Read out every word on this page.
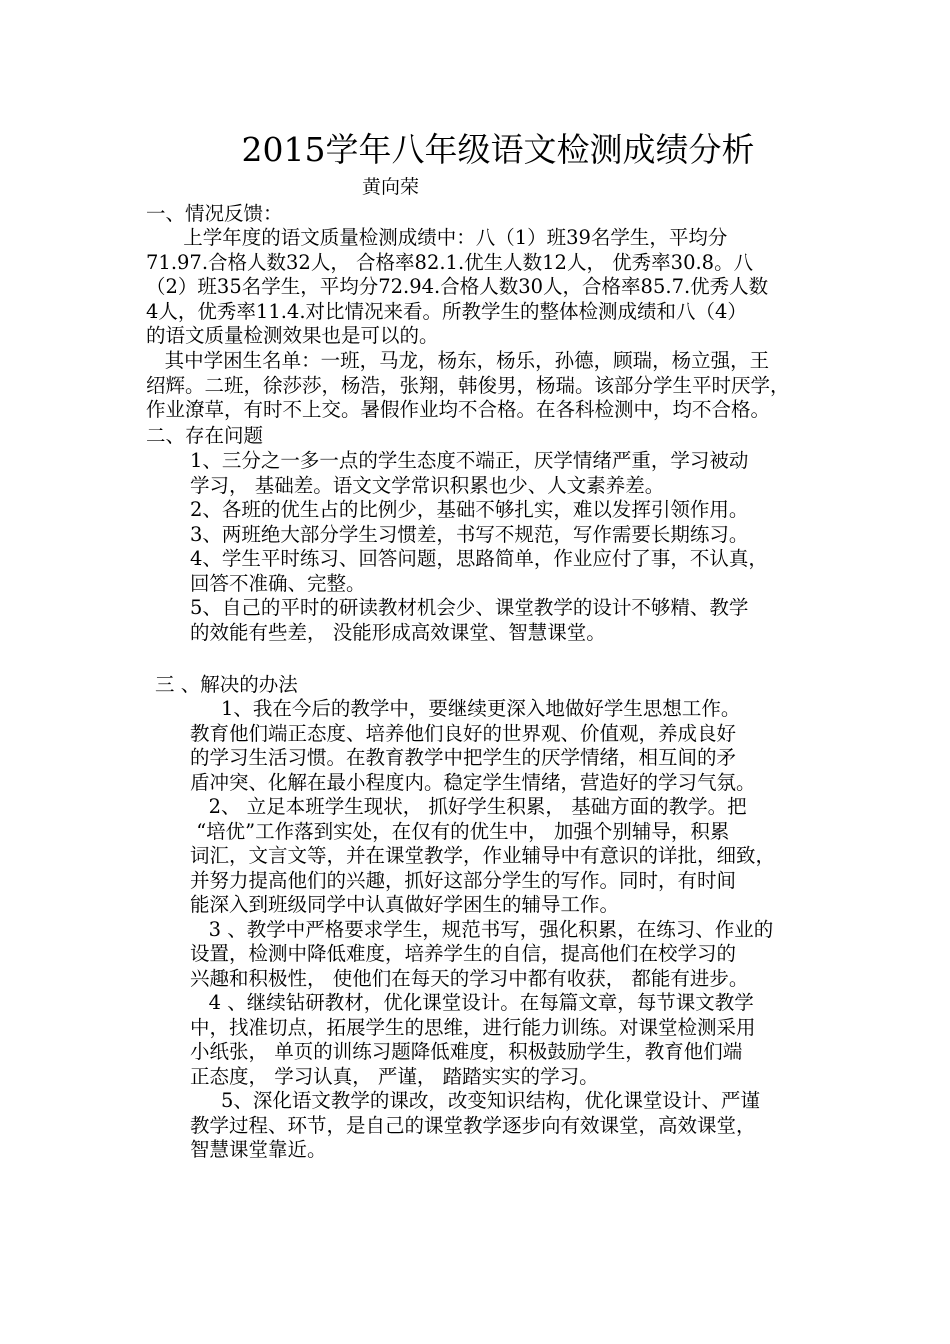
2015学年八年级语文检测成绩分析
黄向荣
一、情况反馈：
上学年度的语文质量检测成绩中：八（1）班39名学生，平均分
71.97.合格人数32人， 合格率82.1.优生人数12人， 优秀率30.8。八
（2）班35名学生，平均分72.94.合格人数30人，合格率85.7.优秀人数
4人，优秀率11.4.对比情况来看。所教学生的整体检测成绩和八（4）
的语文质量检测效果也是可以的。
其中学困生名单：一班，马龙，杨东，杨乐，孙德，顾瑞，杨立强，王
绍辉。二班，徐莎莎，杨浩，张翔，韩俊男，杨瑞。该部分学生平时厌学，
作业潦草，有时不上交。暑假作业均不合格。在各科检测中，均不合格。
二、存在问题
1、三分之一多一点的学生态度不端正，厌学情绪严重，学习被动
学习， 基础差。语文文学常识积累也少、人文素养差。
2、各班的优生占的比例少，基础不够扎实，难以发挥引领作用。
3、两班绝大部分学生习惯差，书写不规范，写作需要长期练习。
4、学生平时练习、回答问题，思路简单，作业应付了事，不认真，
回答不准确、完整。
5、自己的平时的研读教材机会少、课堂教学的设计不够精、教学
的效能有些差， 没能形成高效课堂、智慧课堂。
三 、解决的办法
1、我在今后的教学中，要继续更深入地做好学生思想工作。
教育他们端正态度、培养他们良好的世界观、价值观，养成良好
的学习生活习惯。在教育教学中把学生的厌学情绪，相互间的矛
盾冲突、化解在最小程度内。稳定学生情绪，营造好的学习气氛。
2、 立足本班学生现状， 抓好学生积累， 基础方面的教学。把
“培优”工作落到实处，在仅有的优生中， 加强个别辅导，积累
词汇，文言文等，并在课堂教学，作业辅导中有意识的详批，细致，
并努力提高他们的兴趣，抓好这部分学生的写作。同时，有时间
能深入到班级同学中认真做好学困生的辅导工作。
3 、教学中严格要求学生，规范书写，强化积累，在练习、作业的
设置，检测中降低难度，培养学生的自信，提高他们在校学习的
兴趣和积极性， 使他们在每天的学习中都有收获， 都能有进步。
4 、继续钻研教材，优化课堂设计。在每篇文章，每节课文教学
中，找准切点，拓展学生的思维，进行能力训练。对课堂检测采用
小纸张， 单页的训练习题降低难度，积极鼓励学生，教育他们端
正态度， 学习认真， 严谨， 踏踏实实的学习。
5、深化语文教学的课改，改变知识结构，优化课堂设计、严谨
教学过程、环节，是自己的课堂教学逐步向有效课堂，高效课堂，
智慧课堂靠近。
